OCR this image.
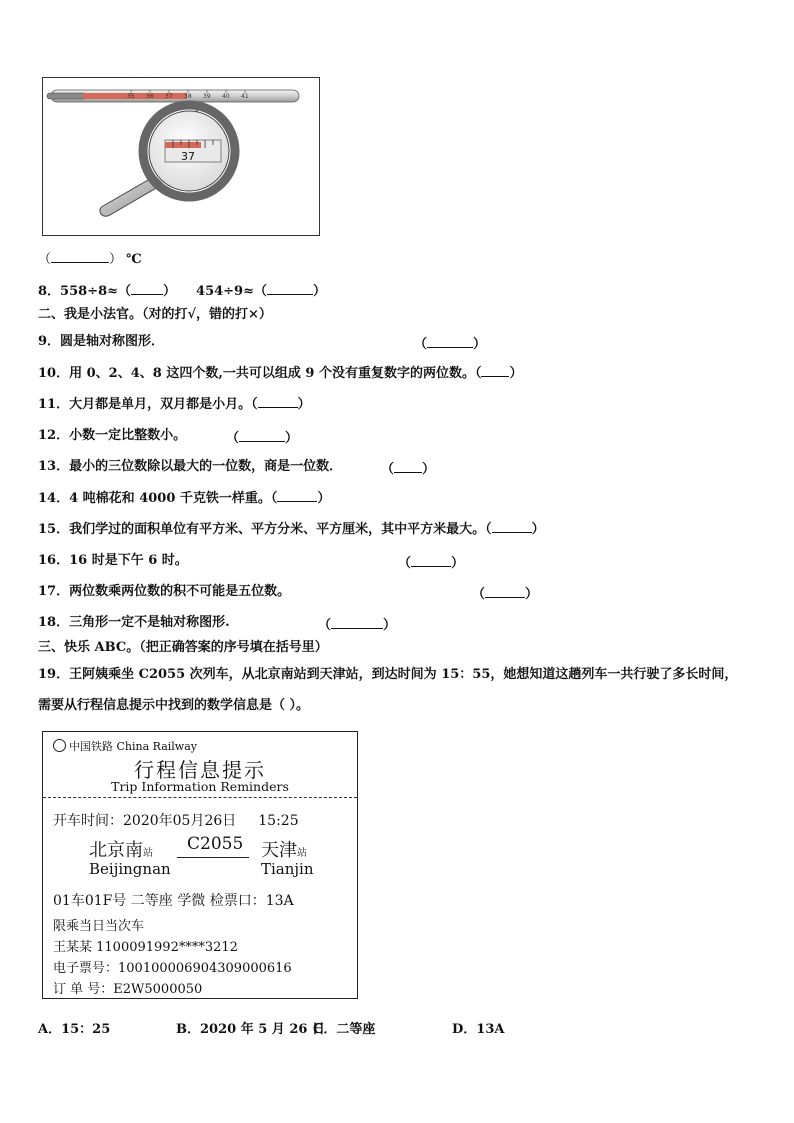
35 36 37 38 39 40 41
37
（	） ℃
8．558÷8≈（ ） 454÷9≈（	）
二、我是小法官。（对的打√，错的打×）
9．圆是轴对称图形．	（	）
10．用 0、2、4、8 这四个数,一共可以组成 9 个没有重复数字的两位数。（ ）
11．大月都是单月，双月都是小月。（	）
12．小数一定比整数小。	（	）
13．最小的三位数除以最大的一位数，商是一位数．	（ ）
14．4 吨棉花和 4000 千克铁一样重。（	）
15．我们学过的面积单位有平方米、平方分米、平方厘米，其中平方米最大。（	）
16．16 时是下午 6 时。	（	）
17．两位数乘两位数的积不可能是五位数。	（	）
18．三角形一定不是轴对称图形.	（	）
三、快乐 ABC。（把正确答案的序号填在括号里）
19．王阿姨乘坐 C2055 次列车，从北京南站到天津站，到达时间为 15：55，她想知道这趟列车一共行驶了多长时间，
需要从行程信息提示中找到的数学信息是（ ）。
中国铁路 China Railway
行程信息提示
Trip Information Reminders
开车时间：2020年05月26日 15:25
北京南站
Beijingnan
C2055 天津站
Tianjin
01车01F号 二等座 学微 检票口：13A
限乘当日当次车
王某某 1100091992****3212
电子票号：100100006904309000616
订 单 号：E2W5000050
A．15：25	B．2020 年 5 月 26 日
C．二等座	D．13A
